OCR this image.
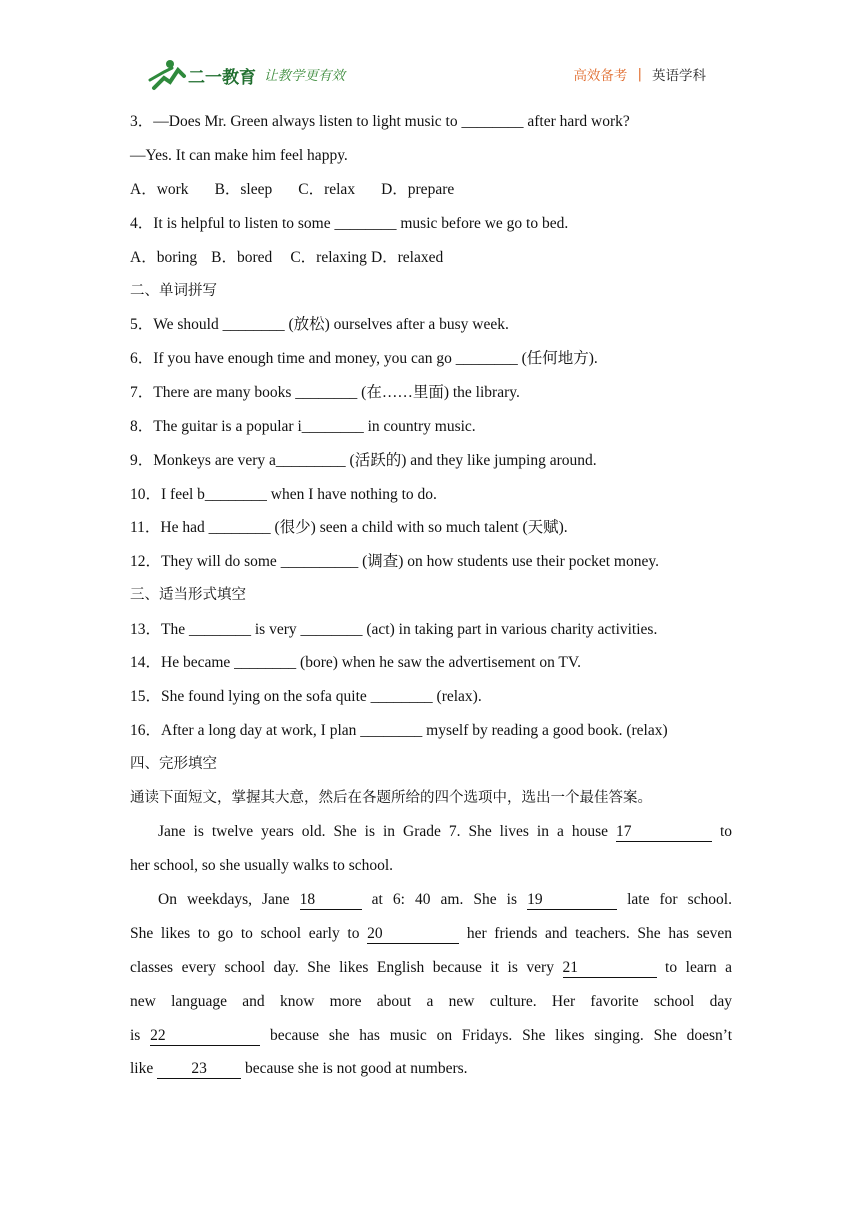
二一教育 让教学更有效	高效备考 | 英语学科
3．—Does Mr. Green always listen to light music to ________ after hard work?
—Yes. It can make him feel happy.
A．work B．sleep C．relax D．prepare
4．It is helpful to listen to some ________ music before we go to bed.
A．boring B．bored C．relaxing D．relaxed
二、单词拼写
5．We should ________ (放松) ourselves after a busy week.
6．If you have enough time and money, you can go ________ (任何地方).
7．There are many books ________ (在……里面) the library.
8．The guitar is a popular i________ in country music.
9．Monkeys are very a_________ (活跃的) and they like jumping around.
10．I feel b________ when I have nothing to do.
11．He had ________ (很少) seen a child with so much talent (天赋).
12．They will do some __________ (调查) on how students use their pocket money.
三、适当形式填空
13．The ________ is very ________ (act) in taking part in various charity activities.
14．He became ________ (bore) when he saw the advertisement on TV.
15．She found lying on the sofa quite ________ (relax).
16．After a long day at work, I plan ________ myself by reading a good book. (relax)
四、完形填空
通读下面短文，掌握其大意，然后在各题所给的四个选项中，选出一个最佳答案。
Jane is twelve years old. She is in Grade 7. She lives in a house 17	to
her school, so she usually walks to school.
On weekdays, Jane 18	at 6: 40 am. She is 19	late for school.
She likes to go to school early to 20	her friends and teachers. She has seven
classes every school day. She likes English because it is very 21	to learn a
new language and know more about a new culture. Her favorite school day
is 22	because she has music on Fridays. She likes singing. She doesn’t
like 23 because she is not good at numbers.
